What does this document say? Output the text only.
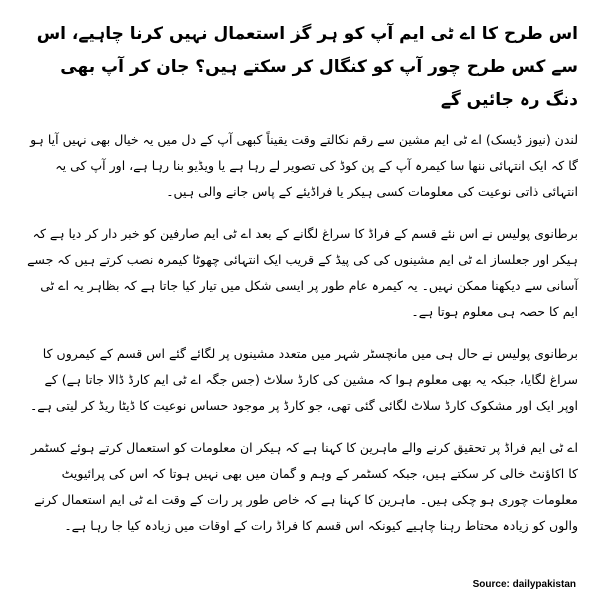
اس طرح کا اے ٹی ایم آپ کو ہر گز استعمال نہیں کرنا چاہیے، اس سے کس طرح چور آپ کو کنگال کر سکتے ہیں؟ جان کر آپ بھی دنگ رہ جائیں گے

لندن (نیوز ڈیسک) اے ٹی ایم مشین سے رقم نکالتے وقت یقیناً کبھی آپ کے دل میں یہ خیال بھی نہیں آیا ہو گا کہ ایک انتہائی ننھا سا کیمرہ آپ کے پن کوڈ کی تصویر لے رہا ہے یا ویڈیو بنا رہا ہے، اور آپ کی یہ انتہائی ذاتی نوعیت کی معلومات کسی ہیکر یا فراڈیئے کے پاس جانے والی ہیں۔

برطانوی پولیس نے اس نئے قسم کے فراڈ کا سراغ لگانے کے بعد اے ٹی ایم صارفین کو خبر دار کر دیا ہے کہ ہیکر اور جعلساز اے ٹی ایم مشینوں کی کی پیڈ کے قریب ایک انتہائی چھوٹا کیمرہ نصب کرتے ہیں کہ جسے آسانی سے دیکھنا ممکن نہیں۔ یہ کیمرہ عام طور پر ایسی شکل میں تیار کیا جاتا ہے کہ بظاہر یہ اے ٹی ایم کا حصہ ہی معلوم ہوتا ہے۔

برطانوی پولیس نے حال ہی میں مانچسٹر شہر میں متعدد مشینوں پر لگائے گئے اس قسم کے کیمروں کا سراغ لگایا، جبکہ یہ بھی معلوم ہوا کہ مشین کی کارڈ سلاٹ (جس جگہ اے ٹی ایم کارڈ ڈالا جاتا ہے) کے اوپر ایک اور مشکوک کارڈ سلاٹ لگائی گئی تھی، جو کارڈ پر موجود حساس نوعیت کا ڈیٹا ریڈ کر لیتی ہے۔

اے ٹی ایم فراڈ پر تحقیق کرنے والے ماہرین کا کہنا ہے کہ ہیکر ان معلومات کو استعمال کرتے ہوئے کسٹمر کا اکاؤنٹ خالی کر سکتے ہیں، جبکہ کسٹمر کے وہم و گمان میں بھی نہیں ہوتا کہ اس کی پرائیویٹ معلومات چوری ہو چکی ہیں۔ ماہرین کا کہنا ہے کہ خاص طور پر رات کے وقت اے ٹی ایم استعمال کرنے والوں کو زیادہ محتاط رہنا چاہیے کیونکہ اس قسم کا فراڈ رات کے اوقات میں زیادہ کیا جا رہا ہے۔

Source: dailypakistan
